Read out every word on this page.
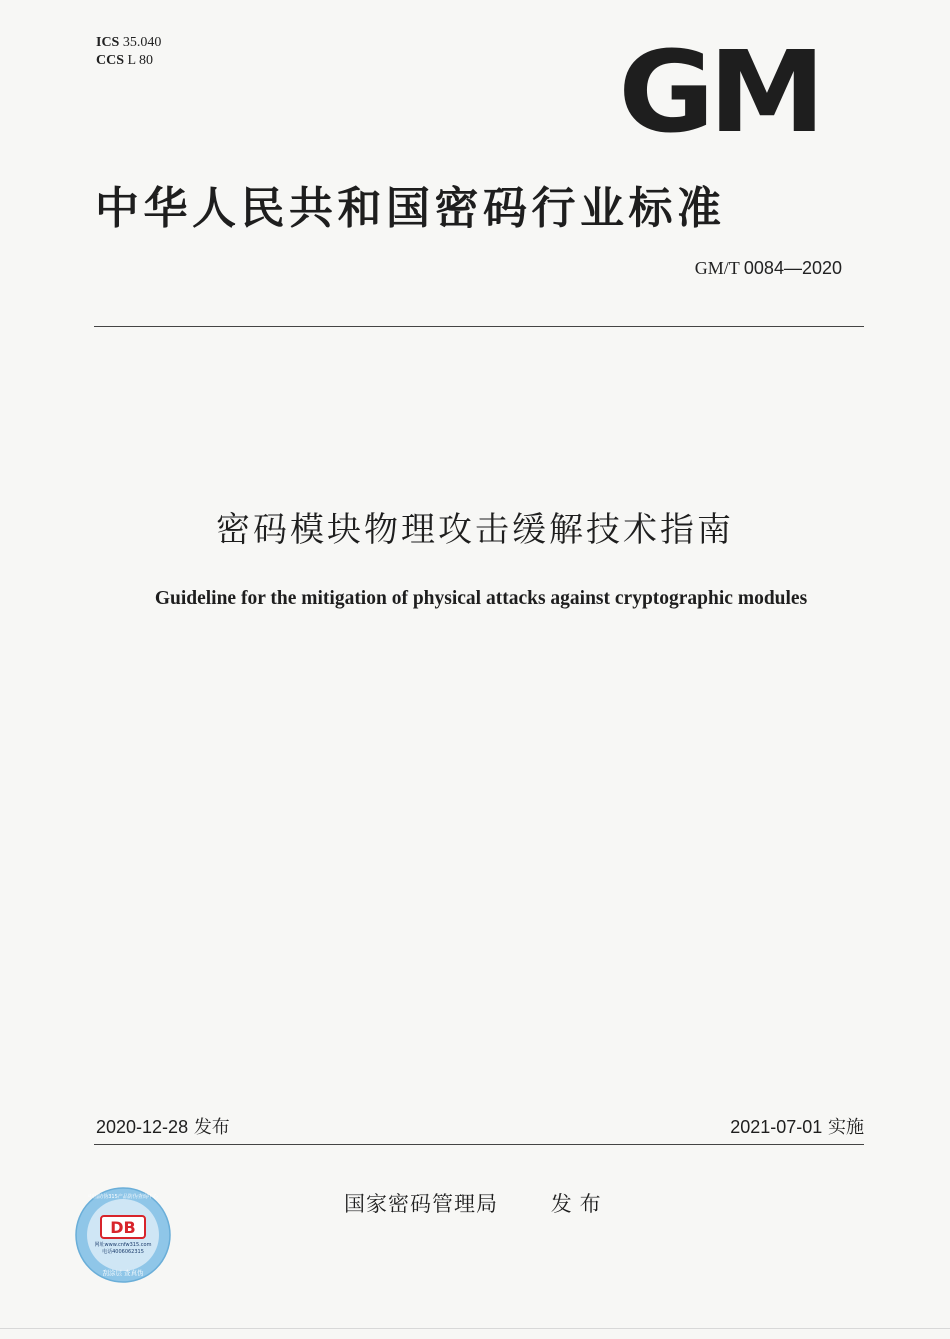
ICS 35.040
CCS L 80	GM
中华人民共和国密码行业标准
GM/T 0084—2020
密码模块物理攻击缓解技术指南
Guideline for the mitigation of physical attacks against cryptographic modules
2020-12-28 发布	2021-07-01 实施
国家密码管理局	发布
DB
网址www.cnfw315.com
电话4006062315
刮涂层 查真伪
中国防伪315产品防伪查询中心
